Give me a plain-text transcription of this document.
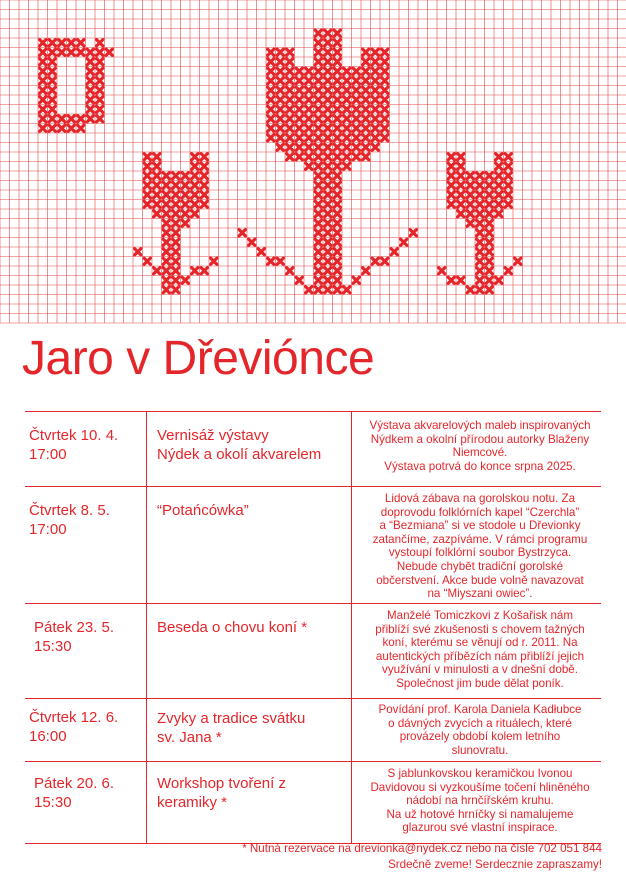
Jaro v Dřeviónce
Čtvrtek 10. 4.
17:00
Vernisáž výstavy
Nýdek a okolí akvarelem
Výstava akvarelových maleb inspirovaných
Nýdkem a okolní přírodou autorky Blaženy
Niemcové.
Výstava potrvá do konce srpna 2025.
Čtvrtek 8. 5.
17:00
“Potańcówka”
Lidová zábava na gorolskou notu. Za
doprovodu folklórních kapel “Czerchla”
a “Bezmiana” si ve stodole u Dřevionky
zatančíme, zazpíváme. V rámci programu
vystoupí folklórní soubor Bystrzyca.
Nebude chybět tradiční gorolské
občerstvení. Akce bude volně navazovat
na “Miyszani owiec”.
Pátek 23. 5.
15:30
Beseda o chovu koní *
Manželé Tomiczkovi z Košařisk nám
přiblíží své zkušenosti s chovem tažných
koní, kterému se věnují od r. 2011. Na
autentických příbězích nám přiblíží jejich
využívání v minulosti a v dnešní době.
Společnost jim bude dělat poník.
Čtvrtek 12. 6.
16:00
Zvyky a tradice svátku
sv. Jana *
Povídání prof. Karola Daniela Kadłubce
o dávných zvycích a rituálech, které
provázely období kolem letního
slunovratu.
Pátek 20. 6.
15:30
Workshop tvoření z
keramiky *
S jablunkovskou keramičkou Ivonou
Davidovou si vyzkoušíme točení hliněného
nádobí na hrnčířském kruhu.
Na už hotové hrníčky si namalujeme
glazurou své vlastní inspirace.
* Nutná rezervace na drevionka@nydek.cz nebo na čísle 702 051 844
Srdečně zveme! Serdecznie zapraszamy!
